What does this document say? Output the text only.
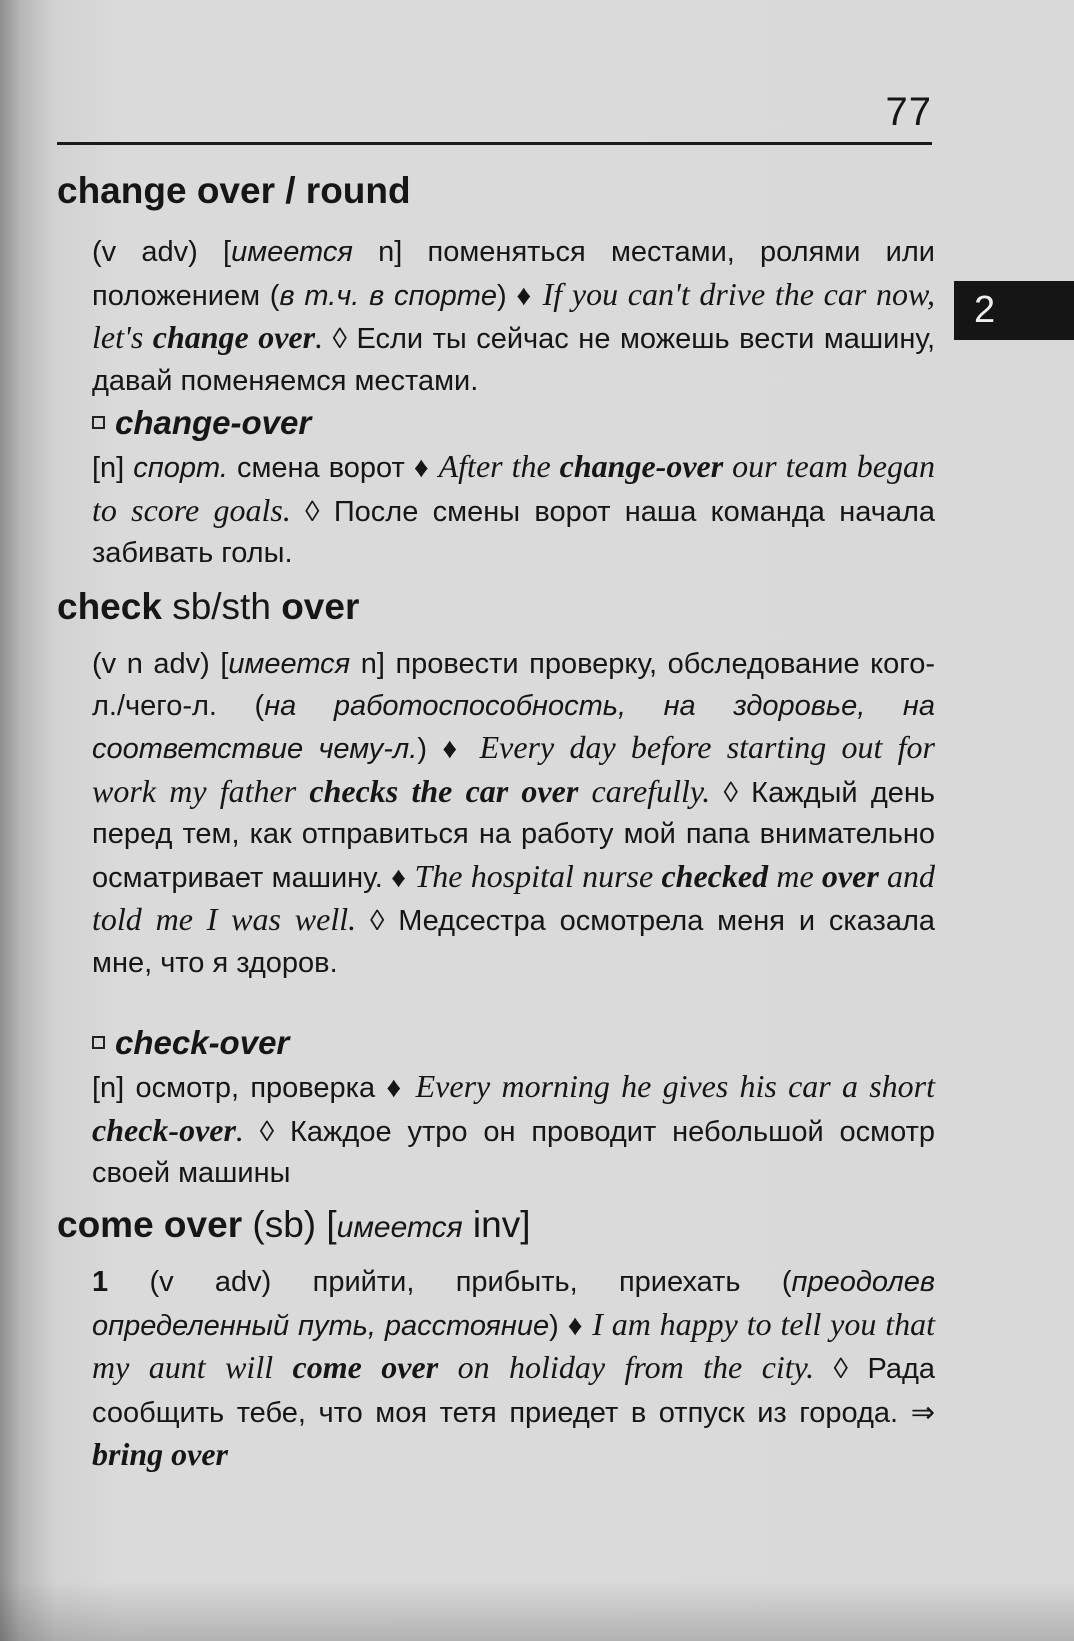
77
2
change over / round
(v adv) [имеется n] поменяться местами, ролями или положением (в т.ч. в спорте) ♦ If you can't drive the car now, let's change over. ◊ Если ты сейчас не можешь вести машину, давай поменяемся местами.
change-over
[n] спорт. смена ворот ♦ After the change-over our team began to score goals. ◊ После смены ворот наша команда начала забивать голы.
check sb/sth over
(v n adv) [имеется n] провести проверку, обследование кого-л./чего-л. (на работоспособность, на здоровье, на соответствие чему-л.) ♦ Every day before starting out for work my father checks the car over carefully. ◊ Каждый день перед тем, как отправиться на работу мой папа внимательно осматривает машину. ♦ The hospital nurse checked me over and told me I was well. ◊ Медсестра осмотрела меня и сказала мне, что я здоров.
check-over
[n] осмотр, проверка ♦ Every morning he gives his car a short check-over. ◊ Каждое утро он проводит небольшой осмотр своей машины
come over (sb) [имеется inv]
1 (v adv) прийти, прибыть, приехать (преодолев определенный путь, расстояние) ♦ I am happy to tell you that my aunt will come over on holiday from the city. ◊ Рада сообщить тебе, что моя тетя приедет в отпуск из города. ⇒ bring over
